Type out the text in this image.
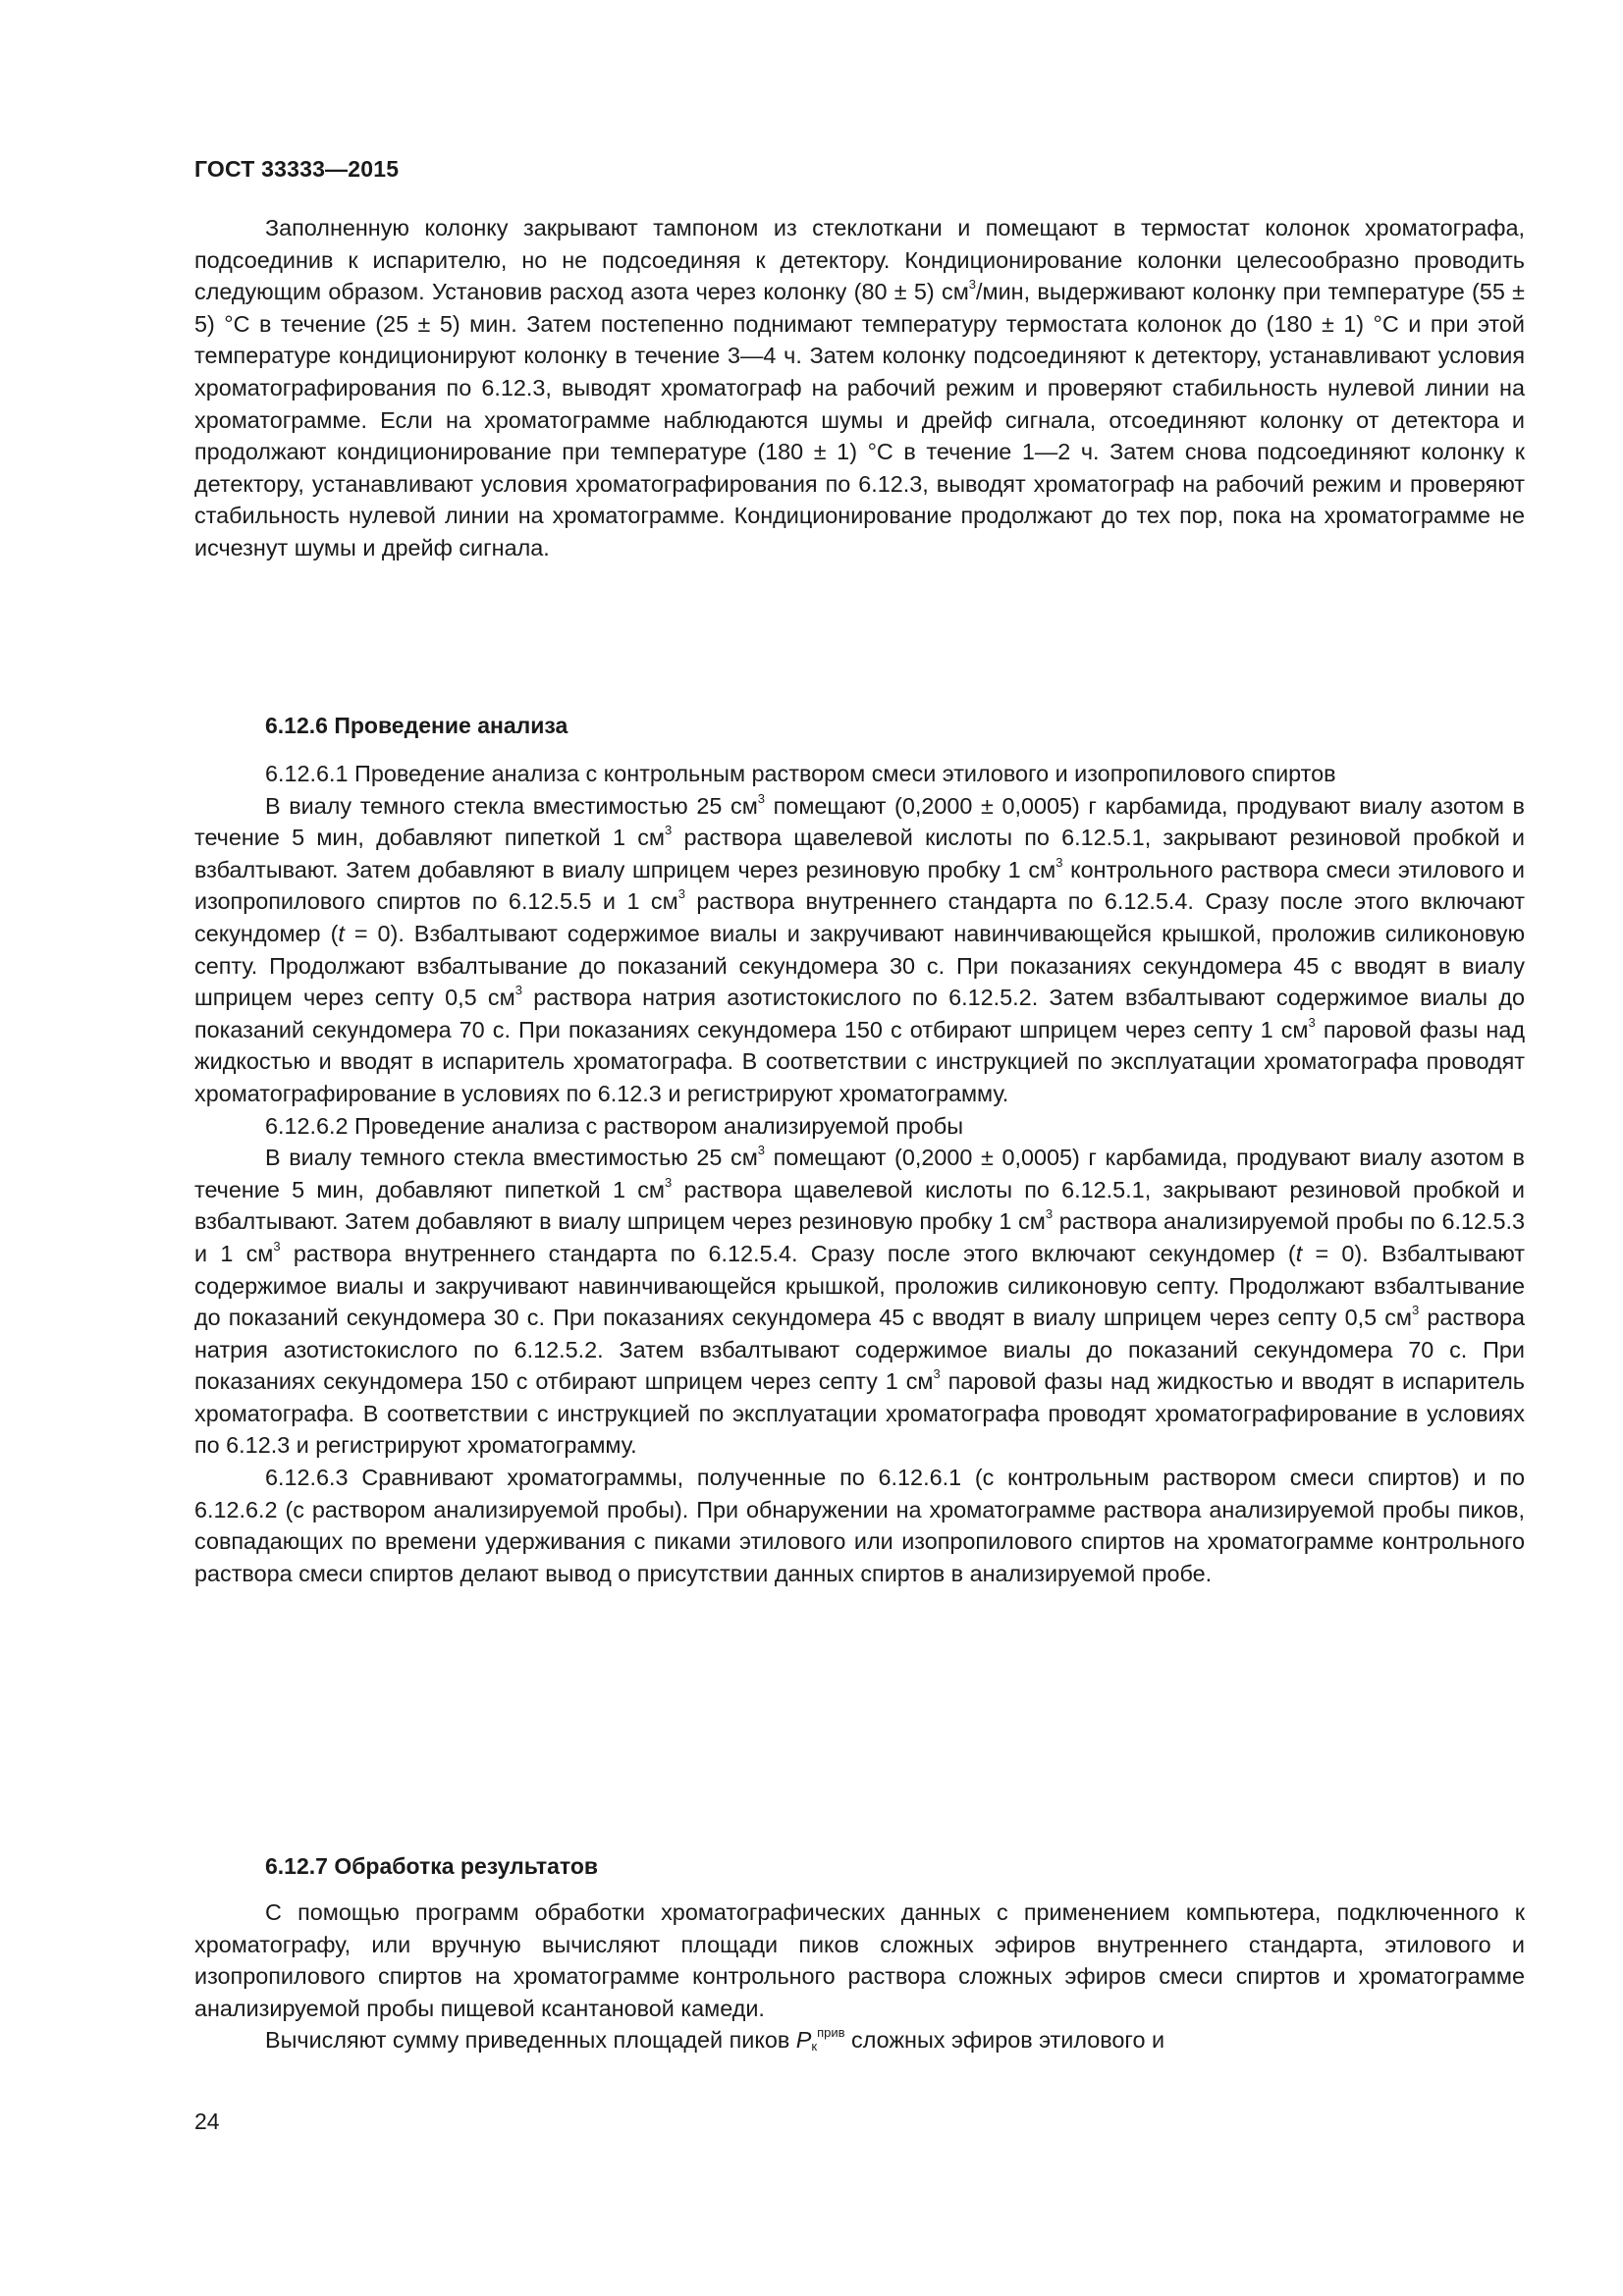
ГОСТ 33333—2015

Заполненную колонку закрывают тампоном из стеклоткани и помещают в термостат колонок хроматографа, подсоединив к испарителю, но не подсоединяя к детектору. Кондиционирование колонки целесообразно проводить следующим образом. Установив расход азота через колонку (80 ± 5) $см^3$/мин, выдерживают колонку при температуре (55 ± 5) °С в течение (25 ± 5) мин. Затем постепенно поднимают температуру термостата колонок до (180 ± 1) °С и при этой температуре кондиционируют колонку в течение 3—4 ч. Затем колонку подсоединяют к детектору, устанавливают условия хроматографирования по 6.12.3, выводят хроматограф на рабочий режим и проверяют стабильность нулевой линии на хроматограмме. Если на хроматограмме наблюдаются шумы и дрейф сигнала, отсоединяют колонку от детектора и продолжают кондиционирование при температуре (180 ± 1) °С в течение 1—2 ч. Затем снова подсоединяют колонку к детектору, устанавливают условия хроматографирования по 6.12.3, выводят хроматограф на рабочий режим и проверяют стабильность нулевой линии на хроматограмме. Кондиционирование продолжают до тех пор, пока на хроматограмме не исчезнут шумы и дрейф сигнала.

6.12.6 Проведение анализа

6.12.6.1 Проведение анализа с контрольным раствором смеси этилового и изопропилового спиртов

В виалу темного стекла вместимостью 25 $см^3$ помещают (0,2000 ± 0,0005) г карбамида, продувают виалу азотом в течение 5 мин, добавляют пипеткой 1 $см^3$ раствора щавелевой кислоты по 6.12.5.1, закрывают резиновой пробкой и взбалтывают. Затем добавляют в виалу шприцем через резиновую пробку 1 $см^3$ контрольного раствора смеси этилового и изопропилового спиртов по 6.12.5.5 и 1 $см^3$ раствора внутреннего стандарта по 6.12.5.4. Сразу после этого включают секундомер (t = 0). Взбалтывают содержимое виалы и закручивают навинчивающейся крышкой, проложив силиконовую септу. Продолжают взбалтывание до показаний секундомера 30 с. При показаниях секундомера 45 с вводят в виалу шприцем через септу 0,5 $см^3$ раствора натрия азотистокислого по 6.12.5.2. Затем взбалтывают содержимое виалы до показаний секундомера 70 с. При показаниях секундомера 150 с отбирают шприцем через септу 1 $см^3$ паровой фазы над жидкостью и вводят в испаритель хроматографа. В соответствии с инструкцией по эксплуатации хроматографа проводят хроматографирование в условиях по 6.12.3 и регистрируют хроматограмму.

6.12.6.2 Проведение анализа с раствором анализируемой пробы

В виалу темного стекла вместимостью 25 $см^3$ помещают (0,2000 ± 0,0005) г карбамида, продувают виалу азотом в течение 5 мин, добавляют пипеткой 1 $см^3$ раствора щавелевой кислоты по 6.12.5.1, закрывают резиновой пробкой и взбалтывают. Затем добавляют в виалу шприцем через резиновую пробку 1 $см^3$ раствора анализируемой пробы по 6.12.5.3 и 1 $см^3$ раствора внутреннего стандарта по 6.12.5.4. Сразу после этого включают секундомер (t = 0). Взбалтывают содержимое виалы и закручивают навинчивающейся крышкой, проложив силиконовую септу. Продолжают взбалтывание до показаний секундомера 30 с. При показаниях секундомера 45 с вводят в виалу шприцем через септу 0,5 $см^3$ раствора натрия азотистокислого по 6.12.5.2. Затем взбалтывают содержимое виалы до показаний секундомера 70 с. При показаниях секундомера 150 с отбирают шприцем через септу 1 $см^3$ паровой фазы над жидкостью и вводят в испаритель хроматографа. В соответствии с инструкцией по эксплуатации хроматографа проводят хроматографирование в условиях по 6.12.3 и регистрируют хроматограмму.

6.12.6.3 Сравнивают хроматограммы, полученные по 6.12.6.1 (с контрольным раствором смеси спиртов) и по 6.12.6.2 (с раствором анализируемой пробы). При обнаружении на хроматограмме раствора анализируемой пробы пиков, совпадающих по времени удерживания с пиками этилового или изопропилового спиртов на хроматограмме контрольного раствора смеси спиртов делают вывод о присутствии данных спиртов в анализируемой пробе.

6.12.7 Обработка результатов

С помощью программ обработки хроматографических данных с применением компьютера, подключенного к хроматографу, или вручную вычисляют площади пиков сложных эфиров внутреннего стандарта, этилового и изопропилового спиртов на хроматограмме контрольного раствора сложных эфиров смеси спиртов и хроматограмме анализируемой пробы пищевой ксантановой камеди.

Вычисляют сумму приведенных площадей пиков $P_к^{прив}$ сложных эфиров этилового и

24
